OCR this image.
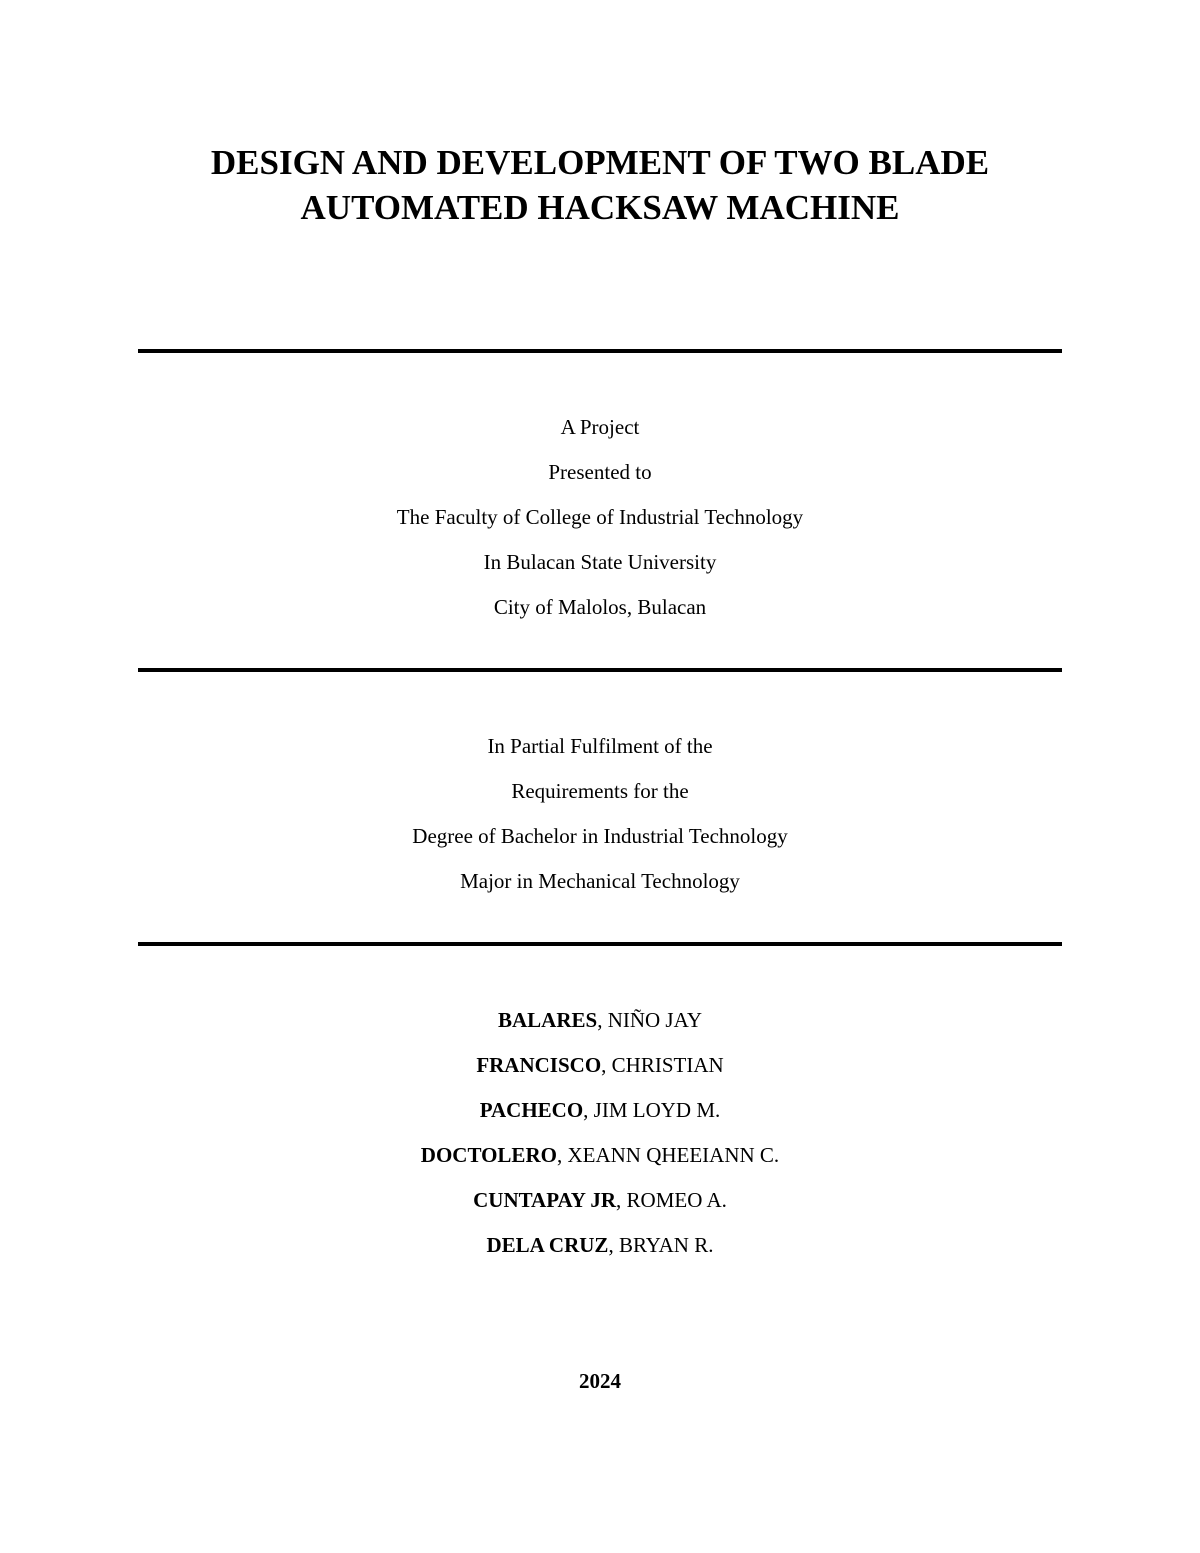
DESIGN AND DEVELOPMENT OF TWO BLADE
AUTOMATED HACKSAW MACHINE
A Project
Presented to
The Faculty of College of Industrial Technology
In Bulacan State University
City of Malolos, Bulacan
In Partial Fulfilment of the
Requirements for the
Degree of Bachelor in Industrial Technology
Major in Mechanical Technology
BALARES, NIÑO JAY
FRANCISCO, CHRISTIAN
PACHECO, JIM LOYD M.
DOCTOLERO, XEANN QHEEIANN C.
CUNTAPAY JR, ROMEO A.
DELA CRUZ, BRYAN R.
2024
